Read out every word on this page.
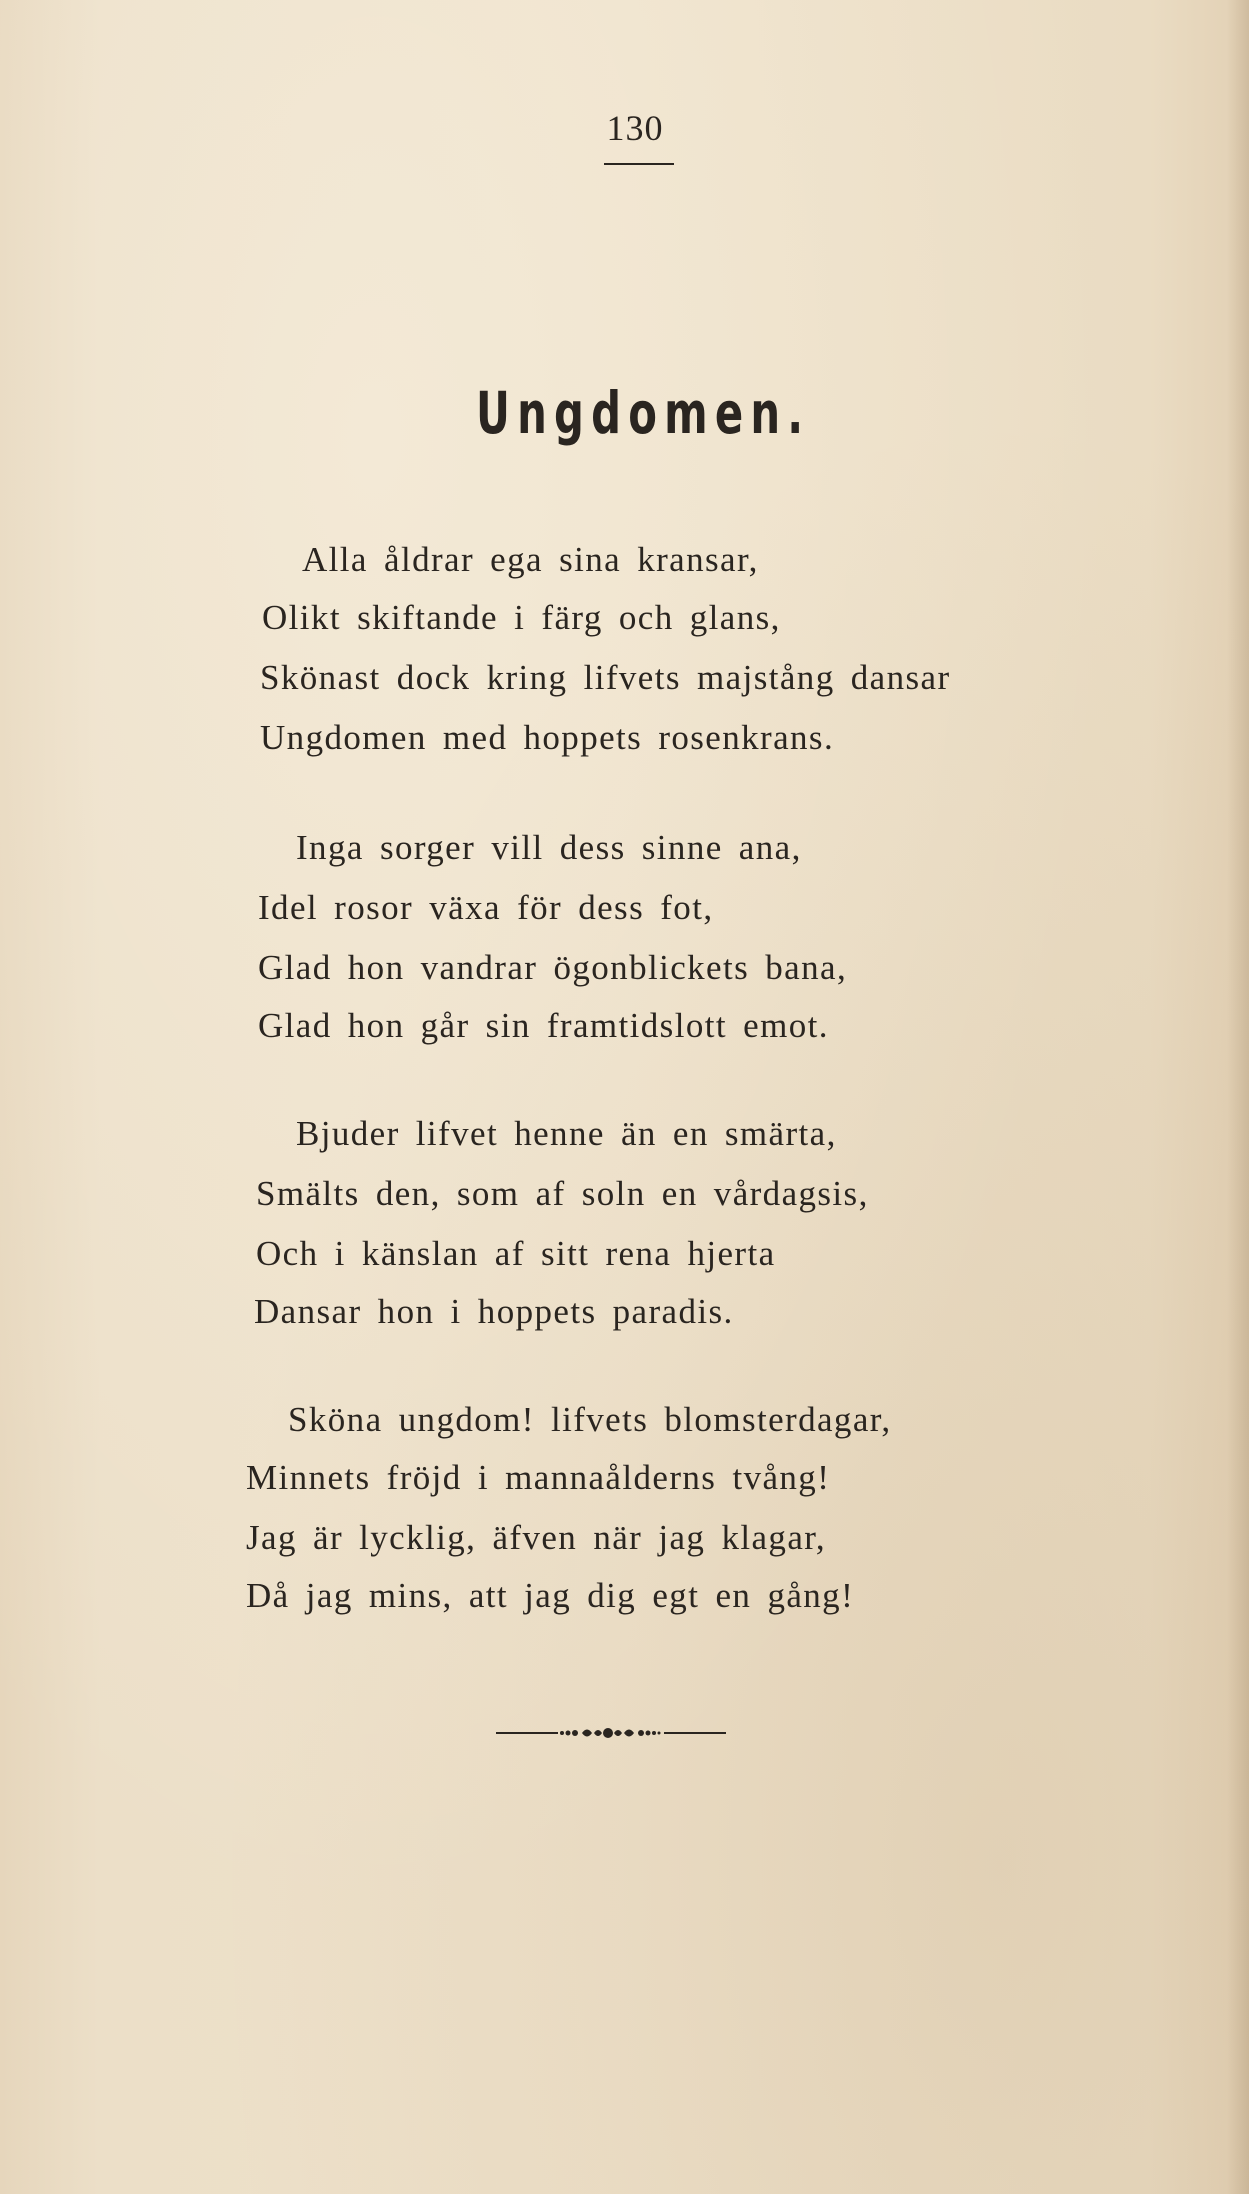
130
Ungdomen.
Alla åldrar ega sina kransar,
Olikt skiftande i färg och glans,
Skönast dock kring lifvets majstång dansar
Ungdomen med hoppets rosenkrans.
Inga sorger vill dess sinne ana,
Idel rosor växa för dess fot,
Glad hon vandrar ögonblickets bana,
Glad hon går sin framtidslott emot.
Bjuder lifvet henne än en smärta,
Smälts den, som af soln en vårdagsis,
Och i känslan af sitt rena hjerta
Dansar hon i hoppets paradis.
Sköna ungdom! lifvets blomsterdagar,
Minnets fröjd i mannaålderns tvång!
Jag är lycklig, äfven när jag klagar,
Då jag mins, att jag dig egt en gång!
